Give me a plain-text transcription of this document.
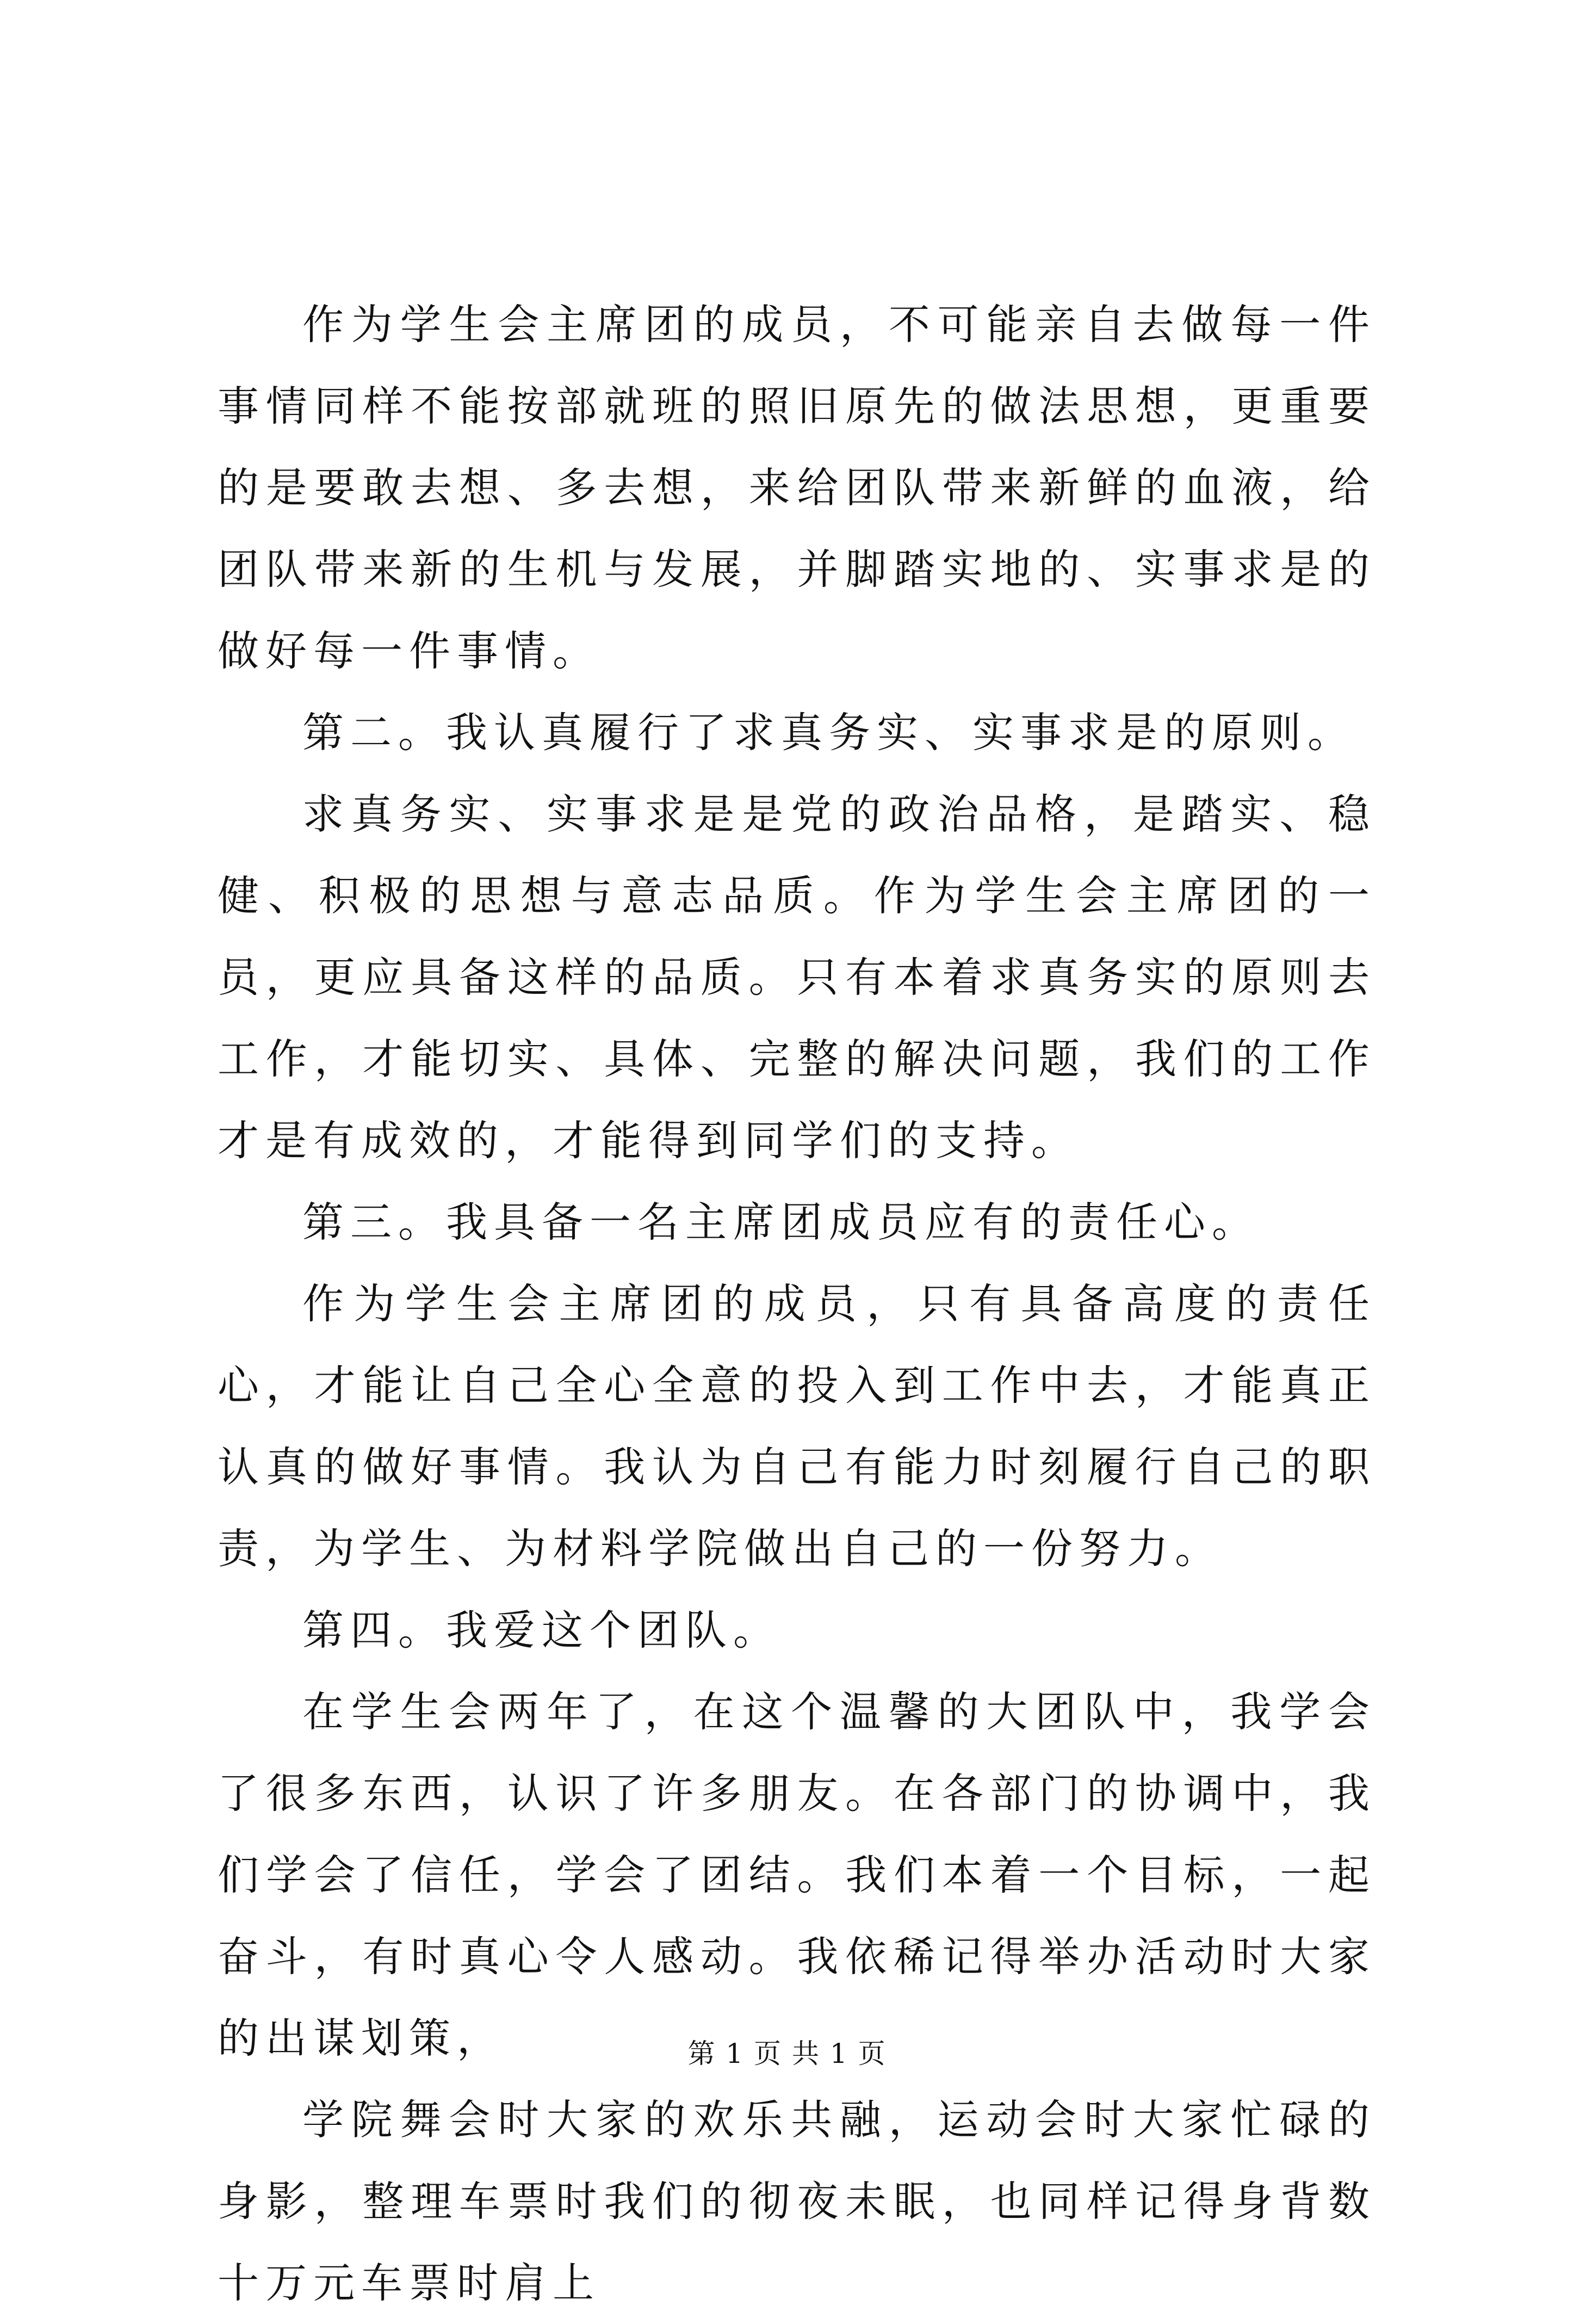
作为学生会主席团的成员，不可能亲自去做每一件事情同样不能按部就班的照旧原先的做法思想，更重要的是要敢去想、多去想，来给团队带来新鲜的血液，给团队带来新的生机与发展，并脚踏实地的、实事求是的做好每一件事情。

第二。我认真履行了求真务实、实事求是的原则。

求真务实、实事求是是党的政治品格，是踏实、稳健、积极的思想与意志品质。作为学生会主席团的一员，更应具备这样的品质。只有本着求真务实的原则去工作，才能切实、具体、完整的解决问题，我们的工作才是有成效的，才能得到同学们的支持。

第三。我具备一名主席团成员应有的责任心。

作为学生会主席团的成员，只有具备高度的责任心，才能让自己全心全意的投入到工作中去，才能真正认真的做好事情。我认为自己有能力时刻履行自己的职责，为学生、为材料学院做出自己的一份努力。

第四。我爱这个团队。

在学生会两年了，在这个温馨的大团队中，我学会了很多东西，认识了许多朋友。在各部门的协调中，我们学会了信任，学会了团结。我们本着一个目标，一起奋斗，有时真心令人感动。我依稀记得举办活动时大家的出谋划策，

学院舞会时大家的欢乐共融，运动会时大家忙碌的身影，整理车票时我们的彻夜未眠，也同样记得身背数十万元车票时肩上

第 1 页 共 1 页
